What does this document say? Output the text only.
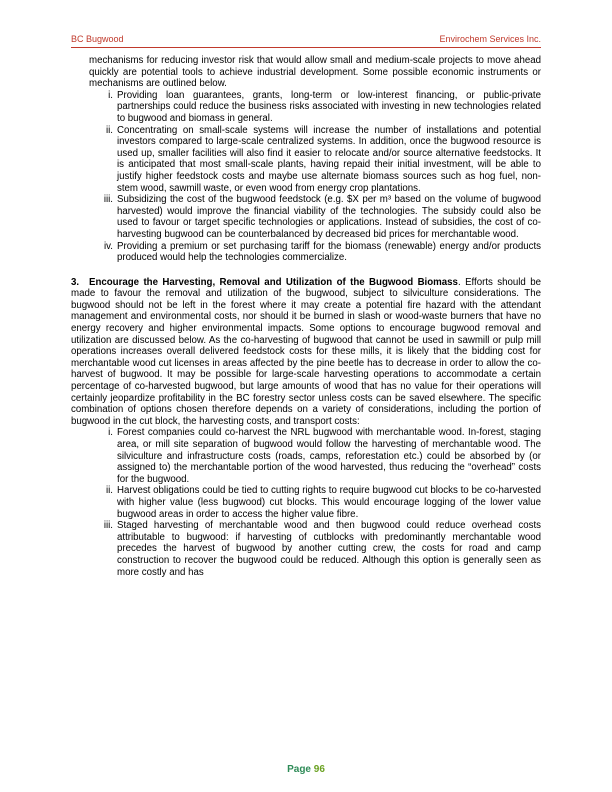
BC Bugwood	Envirochem Services Inc.

mechanisms for reducing investor risk that would allow small and medium-scale projects to move ahead quickly are potential tools to achieve industrial development. Some possible economic instruments or mechanisms are outlined below.

i. Providing loan guarantees, grants, long-term or low-interest financing, or public-private partnerships could reduce the business risks associated with investing in new technologies related to bugwood and biomass in general.
ii. Concentrating on small-scale systems will increase the number of installations and potential investors compared to large-scale centralized systems. In addition, once the bugwood resource is used up, smaller facilities will also find it easier to relocate and/or source alternative feedstocks. It is anticipated that most small-scale plants, having repaid their initial investment, will be able to justify higher feedstock costs and maybe use alternate biomass sources such as hog fuel, non-stem wood, sawmill waste, or even wood from energy crop plantations.
iii. Subsidizing the cost of the bugwood feedstock (e.g. $X per m³ based on the volume of bugwood harvested) would improve the financial viability of the technologies. The subsidy could also be used to favour or target specific technologies or applications. Instead of subsidies, the cost of co-harvesting bugwood can be counterbalanced by decreased bid prices for merchantable wood.
iv. Providing a premium or set purchasing tariff for the biomass (renewable) energy and/or products produced would help the technologies commercialize.
3. Encourage the Harvesting, Removal and Utilization of the Bugwood Biomass. Efforts should be made to favour the removal and utilization of the bugwood, subject to silviculture considerations. The bugwood should not be left in the forest where it may create a potential fire hazard with the attendant management and environmental costs, nor should it be burned in slash or wood-waste burners that have no energy recovery and higher environmental impacts. Some options to encourage bugwood removal and utilization are discussed below. As the co-harvesting of bugwood that cannot be used in sawmill or pulp mill operations increases overall delivered feedstock costs for these mills, it is likely that the bidding cost for merchantable wood cut licenses in areas affected by the pine beetle has to decrease in order to allow the co-harvest of bugwood. It may be possible for large-scale harvesting operations to accommodate a certain percentage of co-harvested bugwood, but large amounts of wood that has no value for their operations will certainly jeopardize profitability in the BC forestry sector unless costs can be saved elsewhere. The specific combination of options chosen therefore depends on a variety of considerations, including the portion of bugwood in the cut block, the harvesting costs, and transport costs:
i. Forest companies could co-harvest the NRL bugwood with merchantable wood. In-forest, staging area, or mill site separation of bugwood would follow the harvesting of merchantable wood. The silviculture and infrastructure costs (roads, camps, reforestation etc.) could be absorbed by (or assigned to) the merchantable portion of the wood harvested, thus reducing the “overhead” costs for the bugwood.
ii. Harvest obligations could be tied to cutting rights to require bugwood cut blocks to be co-harvested with higher value (less bugwood) cut blocks. This would encourage logging of the lower value bugwood areas in order to access the higher value fibre.
iii. Staged harvesting of merchantable wood and then bugwood could reduce overhead costs attributable to bugwood: if harvesting of cutblocks with predominantly merchantable wood precedes the harvest of bugwood by another cutting crew, the costs for road and camp construction to recover the bugwood could be reduced. Although this option is generally seen as more costly and has
Page 96
